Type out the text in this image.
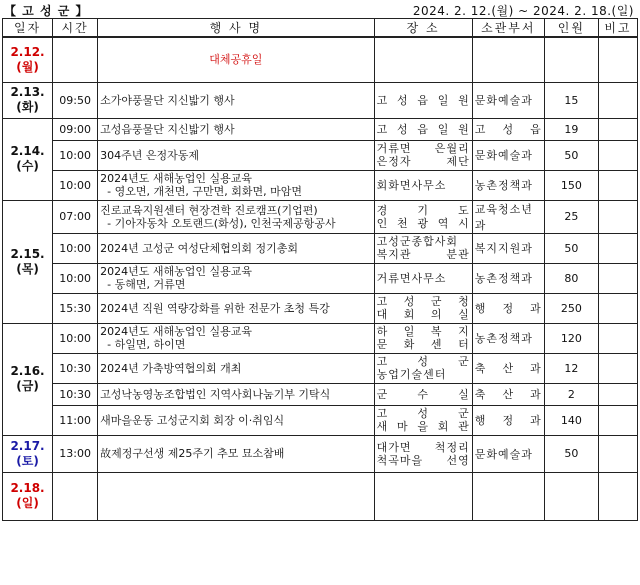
【 고 성 군 】	2024. 2. 12.(월) ~ 2024. 2. 18.(일)
일자	시간	행 사 명	장 소	소관부서	인원	비고

2.12.
(월)		대체공휴일				

2.13.
(화)	09:50	소가야풍물단 지신밟기 행사	고 성 읍 일 원	문화예술과	15	

2.14.
(수)	09:00	고성읍풍물단 지신밟기 행사	고 성 읍 일 원	고 성 읍	19	
	10:00	304주년 은정자동제	거류면 은월리
은정자 제단	문화예술과	50	
	10:00	2024년도 새해농업인 실용교육
- 영오면, 개천면, 구만면, 회화면, 마암면	회화면사무소	농촌정책과	150	

2.15.
(목)	07:00	진로교육지원센터 현장견학 진로캠프(기업편)
- 기아자동차 오토랜드(화성), 인천국제공항공사	경 기 도
인 천 광 역 시	교육청소년과	25	
	10:00	2024년 고성군 여성단체협의회 정기총회	고성군종합사회
복지관 분관	복지지원과	50	
	10:00	2024년도 새해농업인 실용교육
- 동해면, 거류면	거류면사무소	농촌정책과	80	
	15:30	2024년 직원 역량강화를 위한 전문가 초청 특강	고 성 군 청
대 회 의 실	행 정 과	250	

2.16.
(금)	10:00	2024년도 새해농업인 실용교육
- 하일면, 하이면	하 일 복 지
문 화 센 터	농촌정책과	120	
	10:30	2024년 가축방역협의회 개최	고 성 군
농업기술센터	축 산 과	12	
	10:30	고성낙농영농조합법인 지역사회나눔기부 기탁식	군 수 실	축 산 과	2	
	11:00	새마을운동 고성군지회 회장 이·취임식	고 성 군
새 마 을 회 관	행 정 과	140	

2.17.
(토)	13:00	故제정구선생 제25주기 추모 묘소참배	대가면 척정리
척곡마을 선영	문화예술과	50	

2.18.
(일)						
